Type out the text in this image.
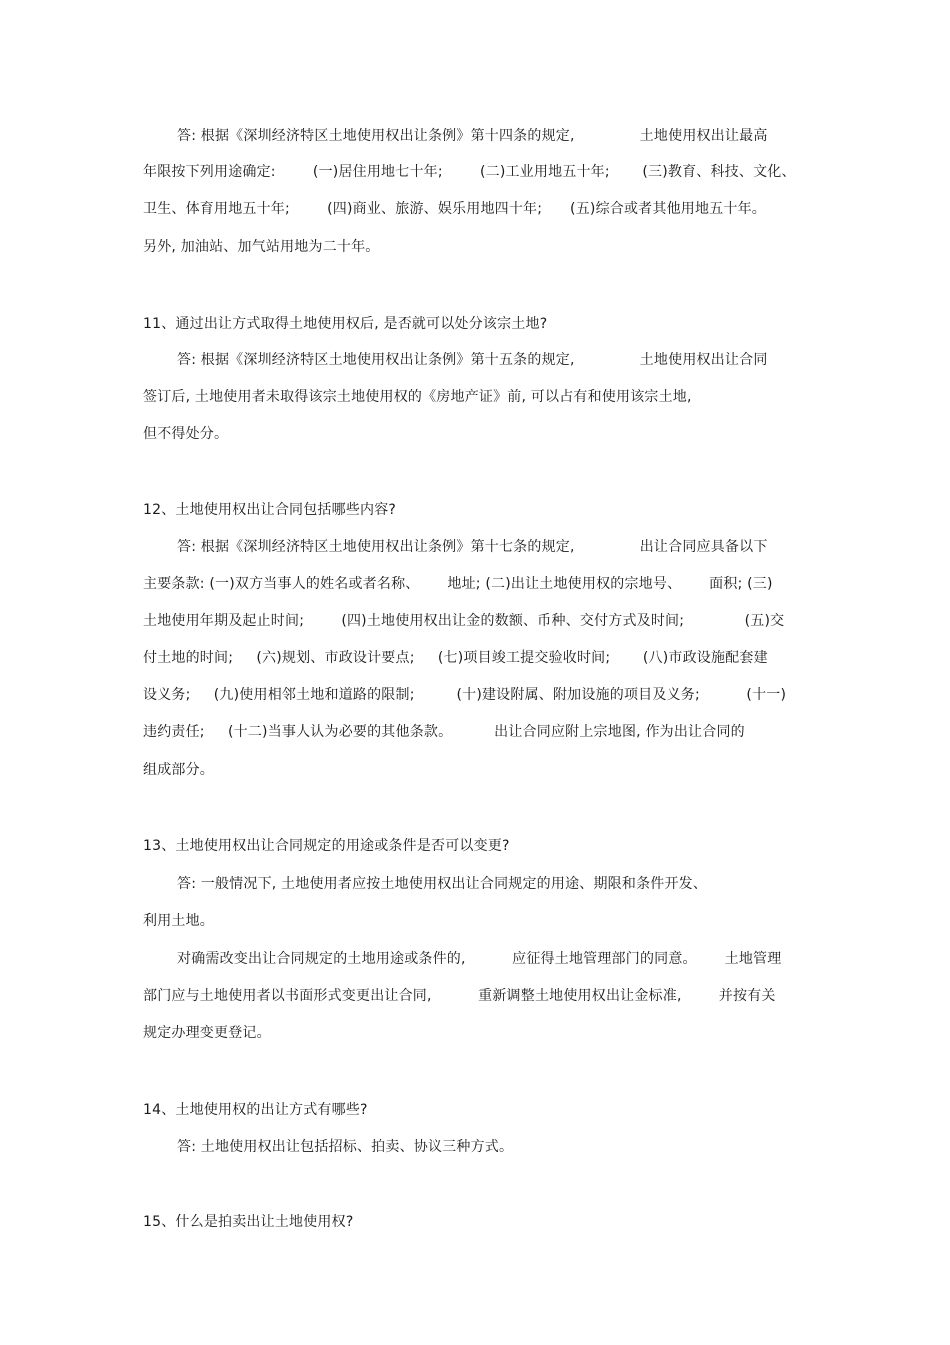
答: 根据《深圳经济特区土地使用权出让条例》第十四条的规定,              土地使用权出让最高
年限按下列用途确定:        (一)居住用地七十年;        (二)工业用地五十年;       (三)教育、科技、文化、
卫生、体育用地五十年;        (四)商业、旅游、娱乐用地四十年;      (五)综合或者其他用地五十年。
另外, 加油站、加气站用地为二十年。
11、通过出让方式取得土地使用权后, 是否就可以处分该宗土地?
答: 根据《深圳经济特区土地使用权出让条例》第十五条的规定,              土地使用权出让合同
签订后, 土地使用者未取得该宗土地使用权的《房地产证》前, 可以占有和使用该宗土地,
但不得处分。
12、土地使用权出让合同包括哪些内容?
答: 根据《深圳经济特区土地使用权出让条例》第十七条的规定,              出让合同应具备以下
主要条款: (一)双方当事人的姓名或者名称、      地址; (二)出让土地使用权的宗地号、      面积; (三)
土地使用年期及起止时间;        (四)土地使用权出让金的数额、币种、交付方式及时间;             (五)交
付土地的时间;     (六)规划、市政设计要点;     (七)项目竣工提交验收时间;       (八)市政设施配套建
设义务;     (九)使用相邻土地和道路的限制;         (十)建设附属、附加设施的项目及义务;          (十一)
违约责任;     (十二)当事人认为必要的其他条款。         出让合同应附上宗地图, 作为出让合同的
组成部分。
13、土地使用权出让合同规定的用途或条件是否可以变更?
答: 一般情况下, 土地使用者应按土地使用权出让合同规定的用途、期限和条件开发、
利用土地。
对确需改变出让合同规定的土地用途或条件的,          应征得土地管理部门的同意。      土地管理
部门应与土地使用者以书面形式变更出让合同,          重新调整土地使用权出让金标准,        并按有关
规定办理变更登记。
14、土地使用权的出让方式有哪些?
答: 土地使用权出让包括招标、拍卖、协议三种方式。
15、什么是拍卖出让土地使用权?
